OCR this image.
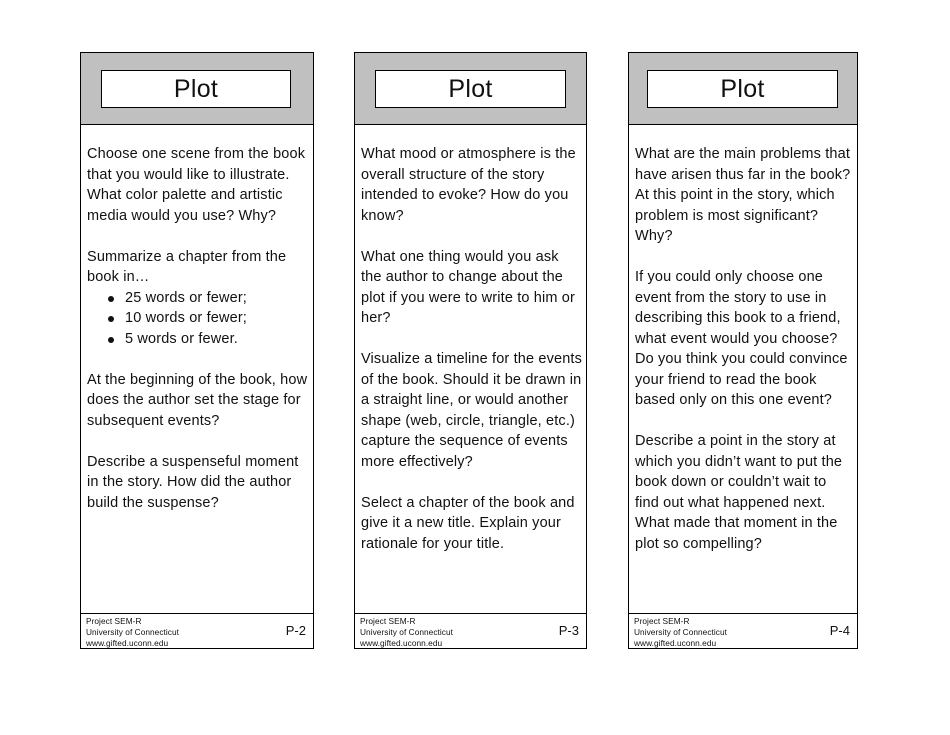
Plot

Choose one scene from the book that you would like to illustrate. What color palette and artistic media would you use? Why?

Summarize a chapter from the book in…

25 words or fewer;
10 words or fewer;
5 words or fewer.

At the beginning of the book, how does the author set the stage for subsequent events?

Describe a suspenseful moment in the story. How did the author build the suspense?

Project SEM-R
University of Connecticut
www.gifted.uconn.edu
P-2
Plot

What mood or atmosphere is the overall structure of the story intended to evoke? How do you know?

What one thing would you ask the author to change about the plot if you were to write to him or her?

Visualize a timeline for the events of the book. Should it be drawn in a straight line, or would another shape (web, circle, triangle, etc.) capture the sequence of events more effectively?

Select a chapter of the book and give it a new title. Explain your rationale for your title.

Project SEM-R
University of Connecticut
www.gifted.uconn.edu
P-3
Plot

What are the main problems that have arisen thus far in the book? At this point in the story, which problem is most significant? Why?

If you could only choose one event from the story to use in describing this book to a friend, what event would you choose? Do you think you could convince your friend to read the book based only on this one event?

Describe a point in the story at which you didn’t want to put the book down or couldn’t wait to find out what happened next. What made that moment in the plot so compelling?

Project SEM-R
University of Connecticut
www.gifted.uconn.edu
P-4
